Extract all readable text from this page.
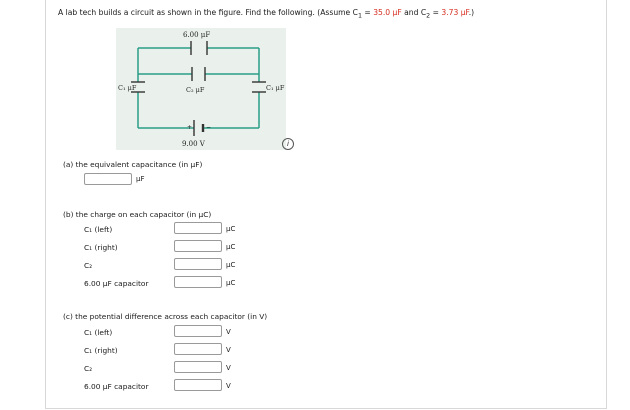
A lab tech builds a circuit as shown in the figure. Find the following. (Assume $C_1 = 35.0$ μF and $C_2 = 3.73$ μF.)
6.00 μF
C₂ μF
C₁ μF	C₁ μF
+ −
9.00 V	i
(a) the equivalent capacitance (in μF)
μF
(b) the charge on each capacitor (in μC)
C₁ (left)	μC
C₁ (right)	μC
C₂	μC
6.00 μF capacitor	μC
(c) the potential difference across each capacitor (in V)
C₁ (left)	V
C₁ (right)	V
C₂	V
6.00 μF capacitor	V
